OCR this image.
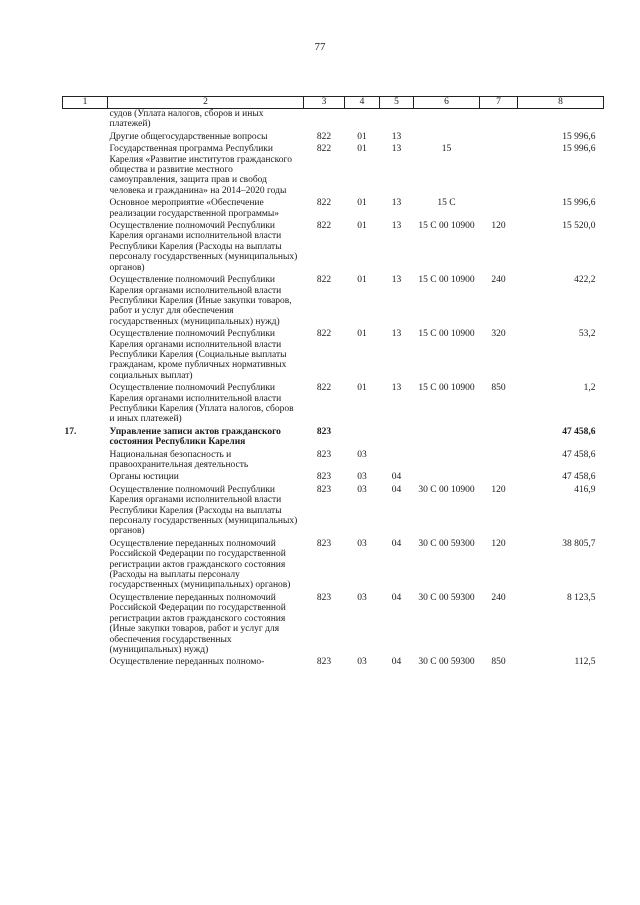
77
1	2	3	4	5	6	7	8
	судов (Уплата налогов, сборов и иных платежей)						
	Другие общегосударственные вопросы	822	01	13			15 996,6
	Государственная программа Республики Карелия «Развитие институтов гражданского общества и развитие местного самоуправления, защита прав и свобод человека и гражданина» на 2014–2020 годы	822	01	13	15		15 996,6
	Основное мероприятие «Обеспечение реализации государственной программы»	822	01	13	15 С		15 996,6
	Осуществление полномочий Республики Карелия органами исполнительной власти Республики Карелия (Расходы на выплаты персоналу государственных (муниципальных) органов)	822	01	13	15 С 00 10900	120	15 520,0
	Осуществление полномочий Республики Карелия органами исполнительной власти Республики Карелия (Иные закупки товаров, работ и услуг для обеспечения государственных (муниципальных) нужд)	822	01	13	15 С 00 10900	240	422,2
	Осуществление полномочий Республики Карелия органами исполнительной власти Республики Карелия (Социальные выплаты гражданам, кроме публичных нормативных социальных выплат)	822	01	13	15 С 00 10900	320	53,2
	Осуществление полномочий Республики Карелия органами исполнительной власти Республики Карелия (Уплата налогов, сборов и иных платежей)	822	01	13	15 С 00 10900	850	1,2
17.	Управление записи актов гражданского состояния Республики Карелия	823					47 458,6
	Национальная безопасность и правоохранительная деятельность	823	03				47 458,6
	Органы юстиции	823	03	04			47 458,6
	Осуществление полномочий Республики Карелия органами исполнительной власти Республики Карелия (Расходы на выплаты персоналу государственных (муниципальных) органов)	823	03	04	30 С 00 10900	120	416,9
	Осуществление переданных полномочий Российской Федерации по государственной регистрации актов гражданского состояния (Расходы на выплаты персоналу государственных (муниципальных) органов)	823	03	04	30 С 00 59300	120	38 805,7
	Осуществление переданных полномочий Российской Федерации по государственной регистрации актов гражданского состояния (Иные закупки товаров, работ и услуг для обеспечения государственных (муниципальных) нужд)	823	03	04	30 С 00 59300	240	8 123,5
	Осуществление переданных полномо-	823	03	04	30 С 00 59300	850	112,5
